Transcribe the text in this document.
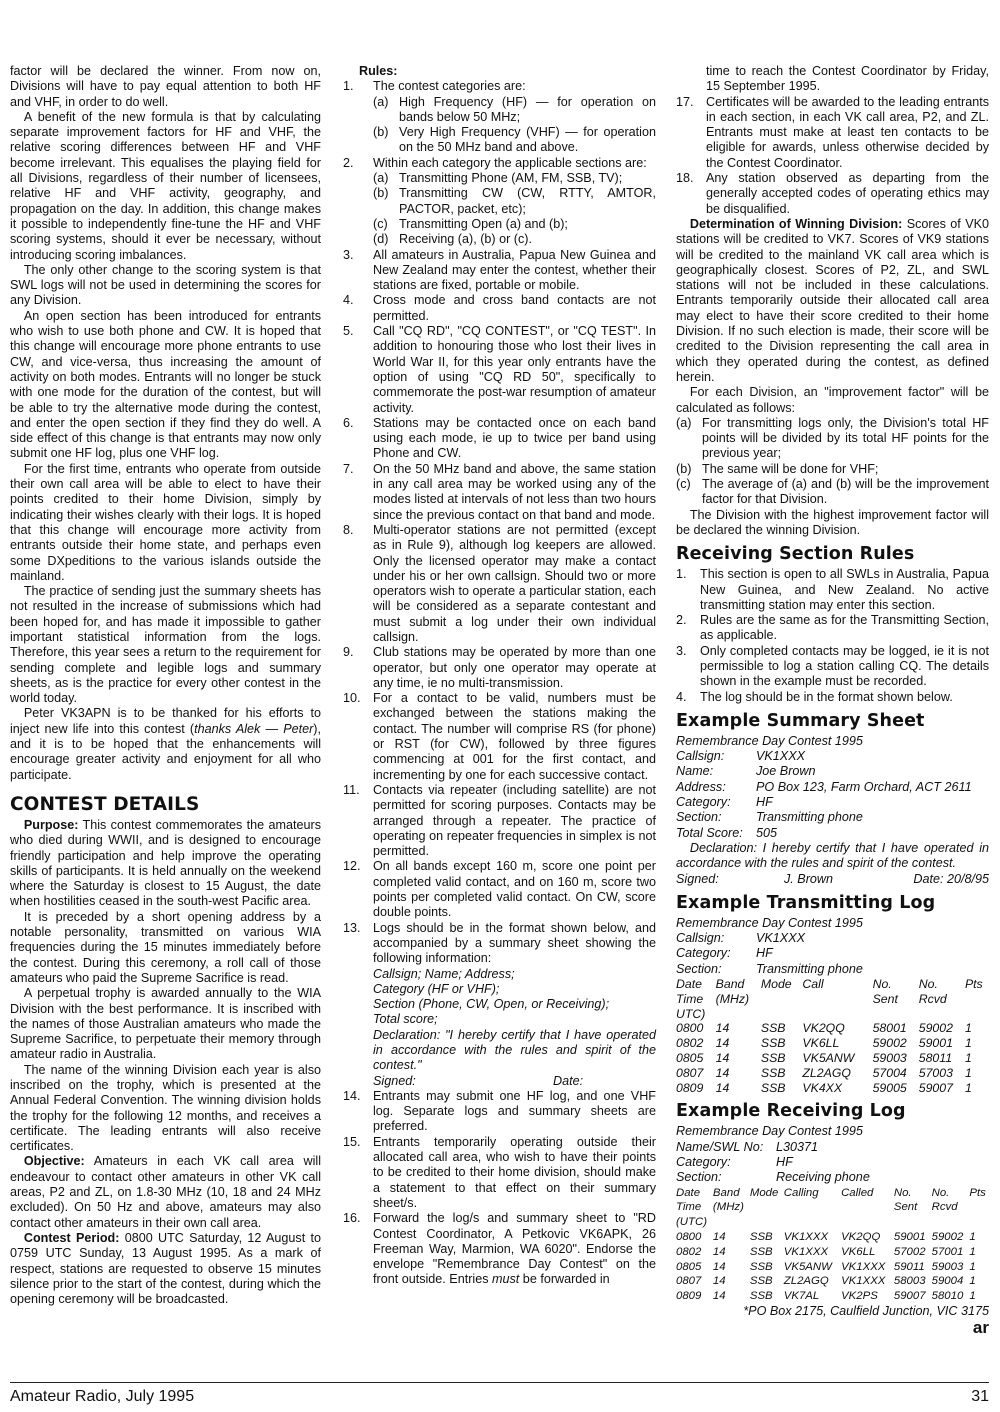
factor will be declared the winner. From now on, Divisions will have to pay equal attention to both HF and VHF, in order to do well.

A benefit of the new formula is that by calculating separate improvement factors for HF and VHF, the relative scoring differences between HF and VHF become irrelevant. This equalises the playing field for all Divisions, regardless of their number of licensees, relative HF and VHF activity, geography, and propagation on the day. In addition, this change makes it possible to independently fine-tune the HF and VHF scoring systems, should it ever be necessary, without introducing scoring imbalances.

The only other change to the scoring system is that SWL logs will not be used in determining the scores for any Division.

An open section has been introduced for entrants who wish to use both phone and CW. It is hoped that this change will encourage more phone entrants to use CW, and vice-versa, thus increasing the amount of activity on both modes. Entrants will no longer be stuck with one mode for the duration of the contest, but will be able to try the alternative mode during the contest, and enter the open section if they find they do well. A side effect of this change is that entrants may now only submit one HF log, plus one VHF log.

For the first time, entrants who operate from outside their own call area will be able to elect to have their points credited to their home Division, simply by indicating their wishes clearly with their logs. It is hoped that this change will encourage more activity from entrants outside their home state, and perhaps even some DXpeditions to the various islands outside the mainland.

The practice of sending just the summary sheets has not resulted in the increase of submissions which had been hoped for, and has made it impossible to gather important statistical information from the logs. Therefore, this year sees a return to the requirement for sending complete and legible logs and summary sheets, as is the practice for every other contest in the world today.

Peter VK3APN is to be thanked for his efforts to inject new life into this contest (thanks Alek — Peter), and it is to be hoped that the enhancements will encourage greater activity and enjoyment for all who participate.

CONTEST DETAILS

Purpose: This contest commemorates the amateurs who died during WWII, and is designed to encourage friendly participation and help improve the operating skills of participants. It is held annually on the weekend where the Saturday is closest to 15 August, the date when hostilities ceased in the south-west Pacific area.

It is preceded by a short opening address by a notable personality, transmitted on various WIA frequencies during the 15 minutes immediately before the contest. During this ceremony, a roll call of those amateurs who paid the Supreme Sacrifice is read.

A perpetual trophy is awarded annually to the WIA Division with the best performance. It is inscribed with the names of those Australian amateurs who made the Supreme Sacrifice, to perpetuate their memory through amateur radio in Australia.

The name of the winning Division each year is also inscribed on the trophy, which is presented at the Annual Federal Convention. The winning division holds the trophy for the following 12 months, and receives a certificate. The leading entrants will also receive certificates.

Objective: Amateurs in each VK call area will endeavour to contact other amateurs in other VK call areas, P2 and ZL, on 1.8-30 MHz (10, 18 and 24 MHz excluded). On 50 Hz and above, amateurs may also contact other amateurs in their own call area.

Contest Period: 0800 UTC Saturday, 12 August to 0759 UTC Sunday, 13 August 1995. As a mark of respect, stations are requested to observe 15 minutes silence prior to the start of the contest, during which the opening ceremony will be broadcasted.

Rules:
1.	The contest categories are:
(a) High Frequency (HF) — for operation on bands below 50 MHz;
(b) Very High Frequency (VHF) — for operation on the 50 MHz band and above.
2.	Within each category the applicable sections are:
(a) Transmitting Phone (AM, FM, SSB, TV);
(b) Transmitting CW (CW, RTTY, AMTOR, PACTOR, packet, etc);
(c) Transmitting Open (a) and (b);
(d) Receiving (a), (b) or (c).
3.	All amateurs in Australia, Papua New Guinea and New Zealand may enter the contest, whether their stations are fixed, portable or mobile.
4.	Cross mode and cross band contacts are not permitted.
5.	Call "CQ RD", "CQ CONTEST", or "CQ TEST". In addition to honouring those who lost their lives in World War II, for this year only entrants have the option of using "CQ RD 50", specifically to commemorate the post-war resumption of amateur activity.
6.	Stations may be contacted once on each band using each mode, ie up to twice per band using Phone and CW.
7.	On the 50 MHz band and above, the same station in any call area may be worked using any of the modes listed at intervals of not less than two hours since the previous contact on that band and mode.
8.	Multi-operator stations are not permitted (except as in Rule 9), although log keepers are allowed. Only the licensed operator may make a contact under his or her own callsign. Should two or more operators wish to operate a particular station, each will be considered as a separate contestant and must submit a log under their own individual callsign.
9.	Club stations may be operated by more than one operator, but only one operator may operate at any time, ie no multi-transmission.
10. For a contact to be valid, numbers must be exchanged between the stations making the contact. The number will comprise RS (for phone) or RST (for CW), followed by three figures commencing at 001 for the first contact, and incrementing by one for each successive contact.
11.	Contacts via repeater (including satellite) are not permitted for scoring purposes. Contacts may be arranged through a repeater. The practice of operating on repeater frequencies in simplex is not permitted.
12. On all bands except 160 m, score one point per completed valid contact, and on 160 m, score two points per completed valid contact. On CW, score double points.
13. Logs should be in the format shown below, and accompanied by a summary sheet showing the following information:
Callsign; Name; Address;
Category (HF or VHF);
Section (Phone, CW, Open, or Receiving);
Total score;
Declaration: "I hereby certify that I have operated in accordance with the rules and spirit of the contest."
Signed:	Date:
14. Entrants may submit one HF log, and one VHF log. Separate logs and summary sheets are preferred.
15. Entrants temporarily operating outside their allocated call area, who wish to have their points to be credited to their home division, should make a statement to that effect on their summary sheet/s.
16. Forward the log/s and summary sheet to "RD Contest Coordinator, A Petkovic VK6APK, 26 Freeman Way, Marmion, WA 6020". Endorse the envelope "Remembrance Day Contest" on the front outside. Entries must be forwarded in
time to reach the Contest Coordinator by Friday, 15 September 1995.
17. Certificates will be awarded to the leading entrants in each section, in each VK call area, P2, and ZL. Entrants must make at least ten contacts to be eligible for awards, unless otherwise decided by the Contest Coordinator.
18. Any station observed as departing from the generally accepted codes of operating ethics may be disqualified.

Determination of Winning Division: Scores of VK0 stations will be credited to VK7. Scores of VK9 stations will be credited to the mainland VK call area which is geographically closest. Scores of P2, ZL, and SWL stations will not be included in these calculations. Entrants temporarily outside their allocated call area may elect to have their score credited to their home Division. If no such election is made, their score will be credited to the Division representing the call area in which they operated during the contest, as defined herein.

For each Division, an "improvement factor" will be calculated as follows:

(a) For transmitting logs only, the Division's total HF points will be divided by its total HF points for the previous year;
(b) The same will be done for VHF;
(c) The average of (a) and (b) will be the improvement factor for that Division.

The Division with the highest improvement factor will be declared the winning Division.

Receiving Section Rules
1.	This section is open to all SWLs in Australia, Papua New Guinea, and New Zealand. No active transmitting station may enter this section.
2.	Rules are the same as for the Transmitting Section, as applicable.
3.	Only completed contacts may be logged, ie it is not permissible to log a station calling CQ. The details shown in the example must be recorded.
4.	The log should be in the format shown below.
Example Summary Sheet
Remembrance Day Contest 1995
Callsign:	VK1XXX
Name:	Joe Brown
Address:	PO Box 123, Farm Orchard, ACT 2611
Category:	HF
Section:	Transmitting phone
Total Score:	505

Declaration: I hereby certify that I have operated in accordance with the rules and spirit of the contest.

Signed:	J. Brown	Date: 20/8/95
Example Transmitting Log
Remembrance Day Contest 1995
Callsign:	VK1XXX
Category:	HF
Section:	Transmitting phone
Date	Band	Mode	Call	No.	No.	Pts
Time	(MHz)			Sent	Rcvd	
UTC)						
0800	14	SSB	VK2QQ	58001	59002	1
0802	14	SSB	VK6LL	59002	59001	1
0805	14	SSB	VK5ANW	59003	58011	1
0807	14	SSB	ZL2AGQ	57004	57003	1
0809	14	SSB	VK4XX	59005	59007	1
Example Receiving Log
Remembrance Day Contest 1995
Name/SWL No:	L30371
Category:	HF
Section:	Receiving phone
Date	Band	Mode	Calling	Called	No.	No.	Pts
Time	(MHz)				Sent	Rcvd	
(UTC)							
0800	14	SSB	VK1XXX	VK2QQ	59001	59002	1
0802	14	SSB	VK1XXX	VK6LL	57002	57001	1
0805	14	SSB	VK5ANW	VK1XXX	59011	59003	1
0807	14	SSB	ZL2AGQ	VK1XXX	58003	59004	1
0809	14	SSB	VK7AL	VK2PS	59007	58010	1
*PO Box 2175, Caulfield Junction, VIC 3175
ar
Amateur Radio, July 1995	31
